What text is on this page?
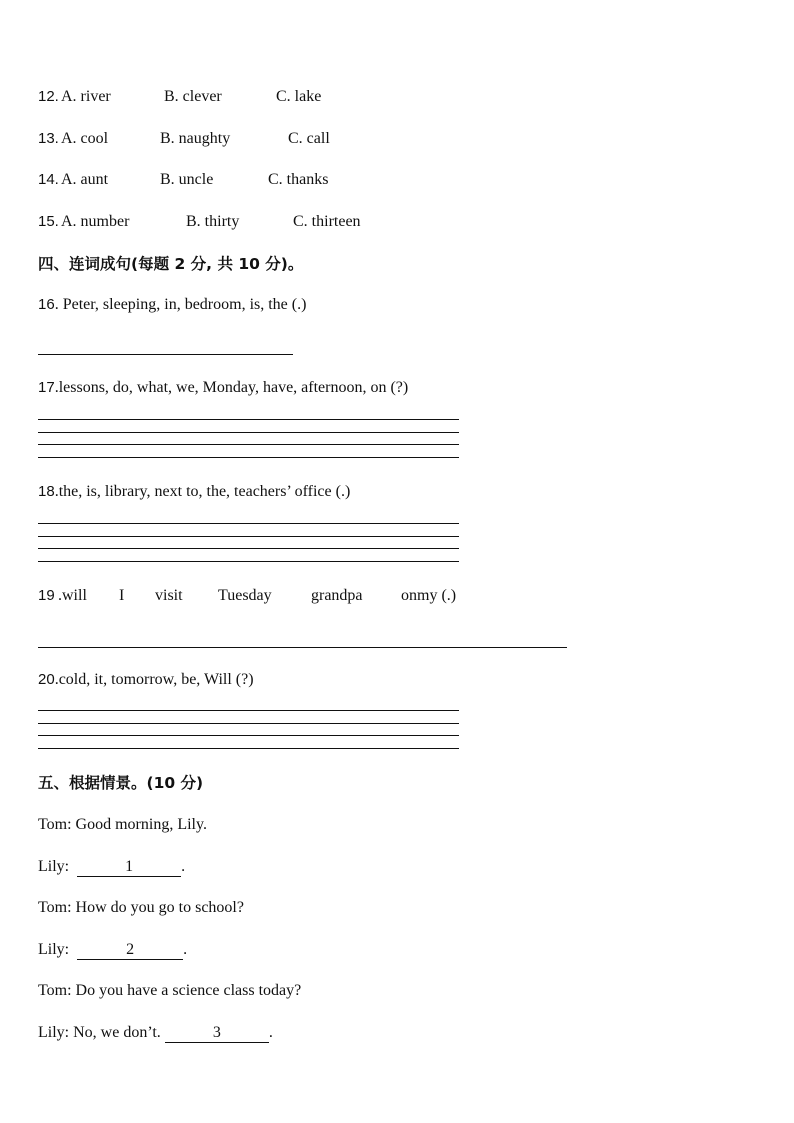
12. A. river	B. clever	C. lake
13. A. cool	B. naughty	C. call
14. A. aunt	B. uncle	C. thanks
15. A. number	B. thirty	C. thirteen
四、连词成句(每题 2 分, 共 10 分)。
16. Peter, sleeping, in, bedroom, is, the (.)
17.lessons, do, what, we, Monday, have, afternoon, on (?)
18.the, is, library, next to, the, teachers’ office (.)
19 .will I visit Tuesday grandpa onmy (.)
20.cold, it, tomorrow, be, Will (?)
五、根据情景。(10 分)
Tom: Good morning, Lily.
Lily:	1	.
Tom: How do you go to school?
Lily:	2	.
Tom: Do you have a science class today?
Lily: No, we don’t.	3	.
